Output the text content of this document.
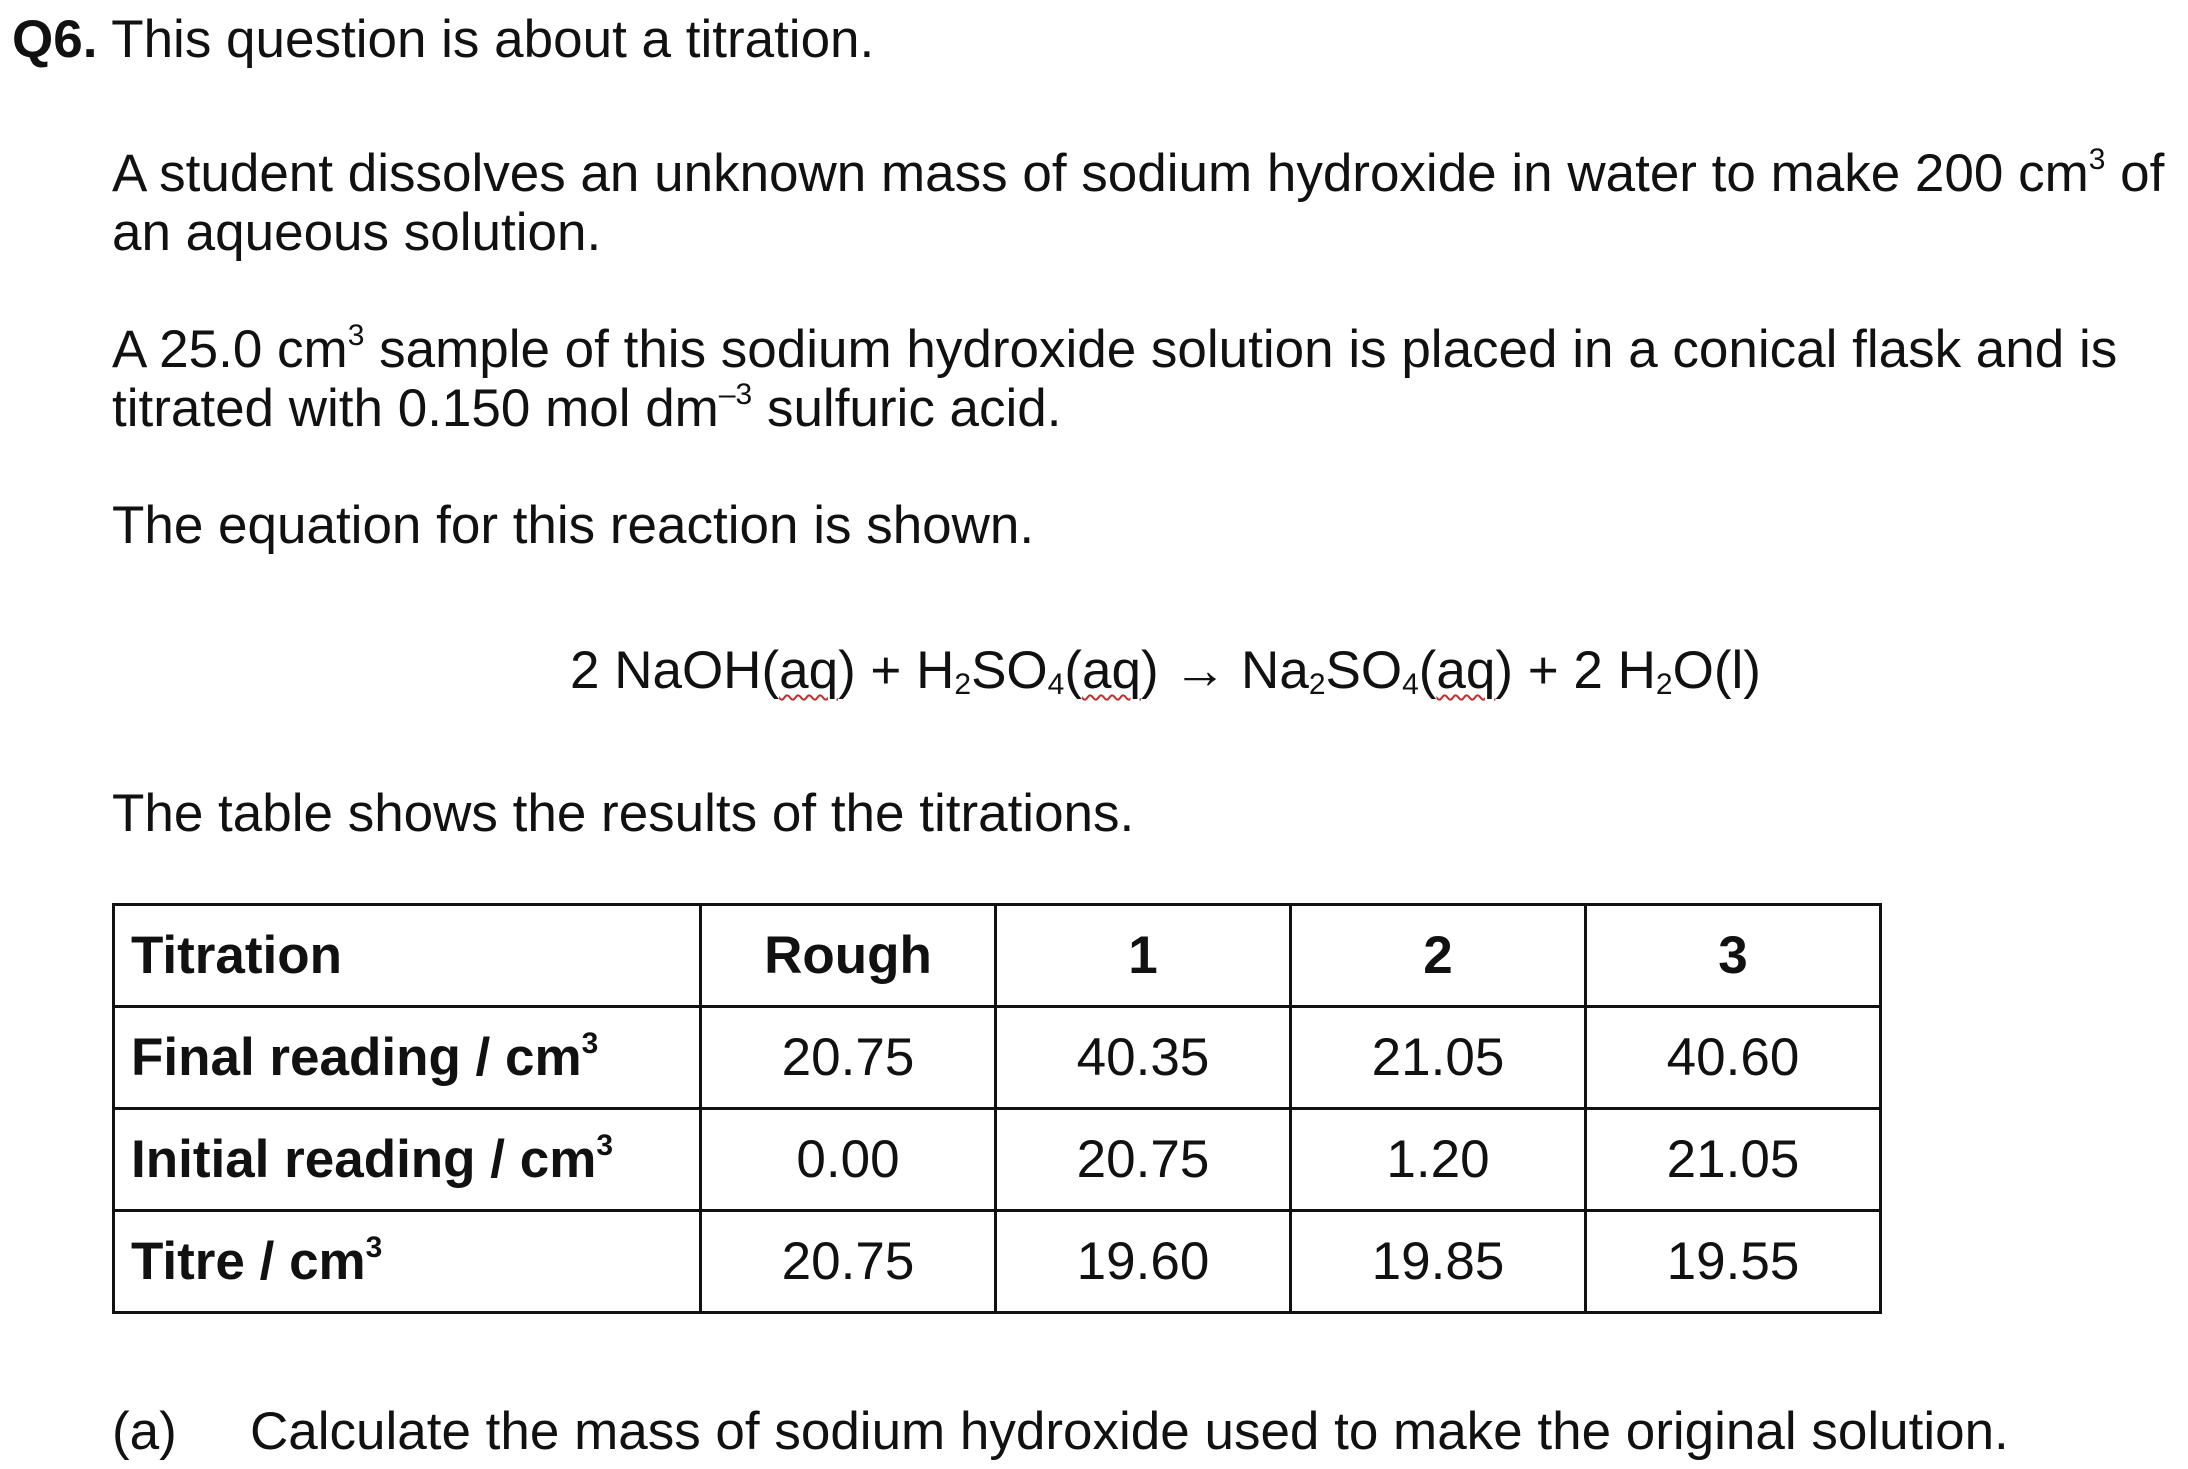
Q6. This question is about a titration.
A student dissolves an unknown mass of sodium hydroxide in water to make 200 $cm^3$ of
an aqueous solution.
A 25.0 $cm^3$ sample of this sodium hydroxide solution is placed in a conical flask and is
titrated with 0.150 mol $dm^{-3}$ sulfuric acid.
The equation for this reaction is shown.
2 NaOH(aq) + $H_2SO_4(aq) \to Na_2SO_4(aq) + 2$ $H_2O(l)$
The table shows the results of the titrations.
Titration	Rough	1	2	3
Final reading / $cm^3$	20.75	40.35	21.05	40.60
Initial reading / $cm^3$	0.00	20.75	1.20	21.05
Titre / $cm^3$	20.75	19.60	19.85	19.55
(a) Calculate the mass of sodium hydroxide used to make the original solution.
